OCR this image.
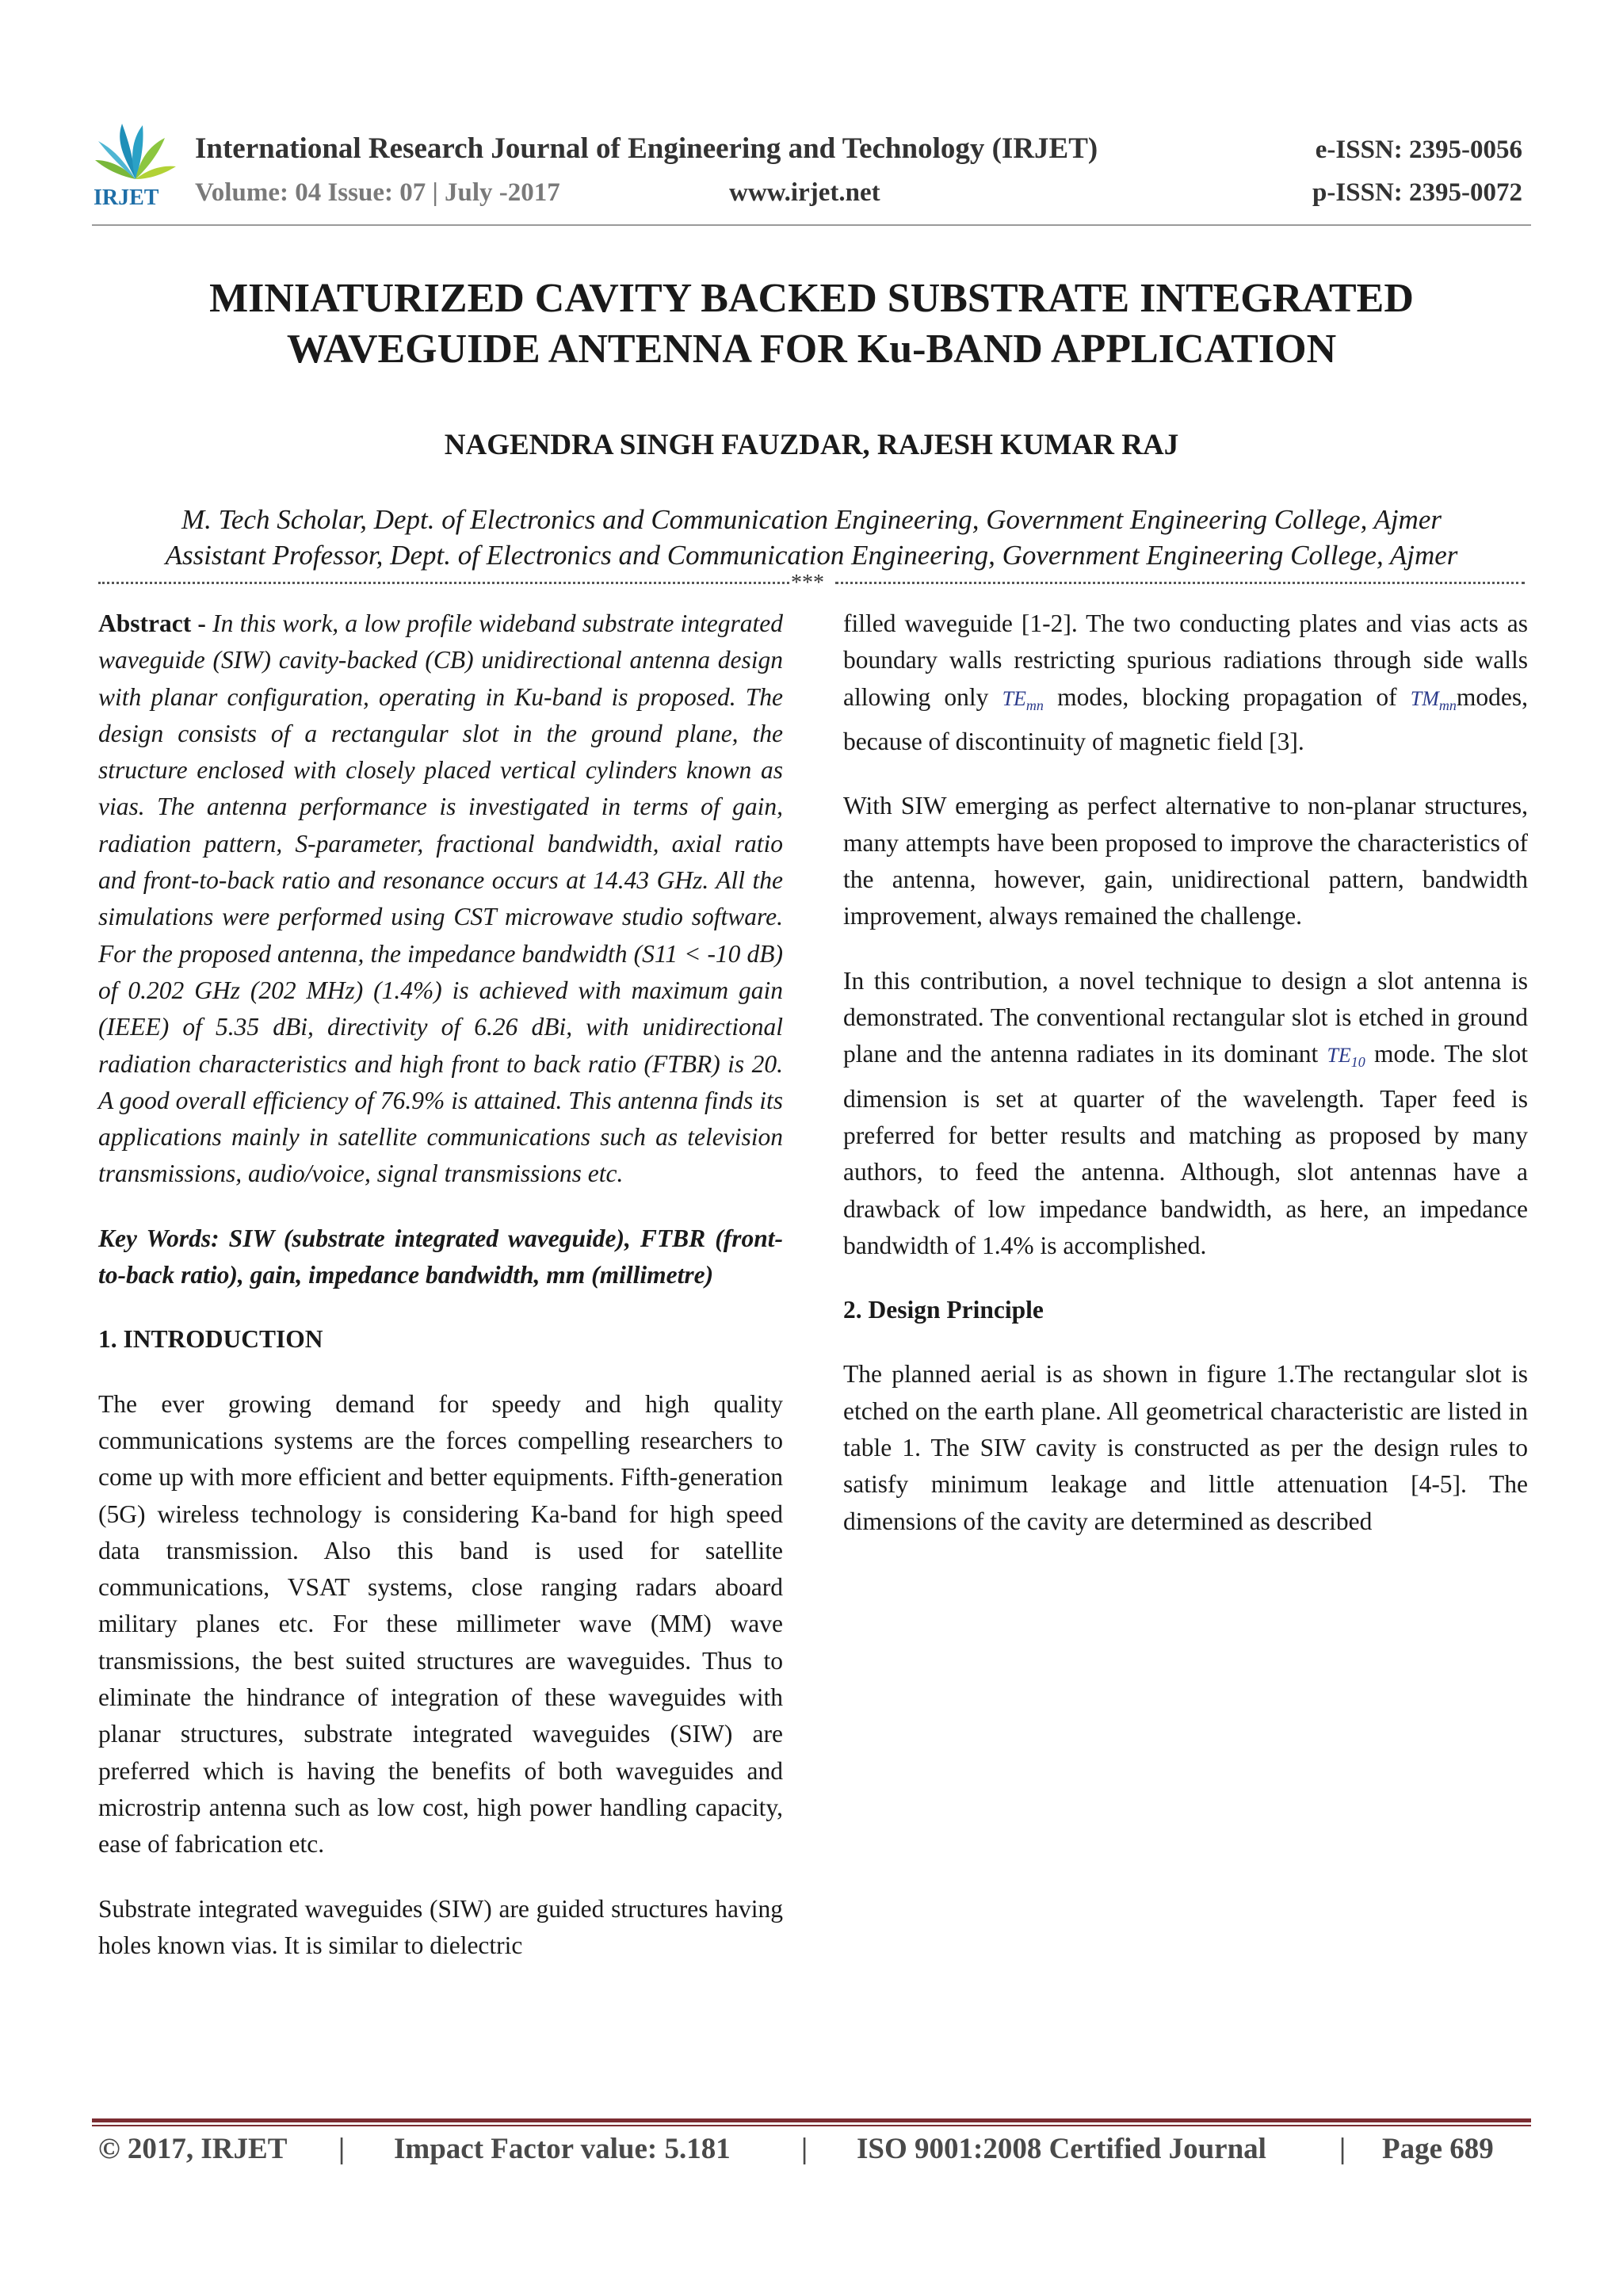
IRJET
International Research Journal of Engineering and Technology (IRJET)
Volume: 04 Issue: 07 | July -2017	www.irjet.net
e-ISSN: 2395-0056
p-ISSN: 2395-0072
MINIATURIZED CAVITY BACKED SUBSTRATE INTEGRATED
WAVEGUIDE ANTENNA FOR Ku-BAND APPLICATION
NAGENDRA SINGH FAUZDAR, RAJESH KUMAR RAJ
M. Tech Scholar, Dept. of Electronics and Communication Engineering, Government Engineering College, Ajmer
Assistant Professor, Dept. of Electronics and Communication Engineering, Government Engineering College, Ajmer
***

Abstract - In this work, a low profile wideband substrate integrated waveguide (SIW) cavity-backed (CB) unidirectional antenna design with planar configuration, operating in Ku-band is proposed. The design consists of a rectangular slot in the ground plane, the structure enclosed with closely placed vertical cylinders known as vias. The antenna performance is investigated in terms of gain, radiation pattern, S-parameter, fractional bandwidth, axial ratio and front-to-back ratio and resonance occurs at 14.43 GHz. All the simulations were performed using CST microwave studio software. For the proposed antenna, the impedance bandwidth (S11 < -10 dB) of 0.202 GHz (202 MHz) (1.4%) is achieved with maximum gain (IEEE) of 5.35 dBi, directivity of 6.26 dBi, with unidirectional radiation characteristics and high front to back ratio (FTBR) is 20. A good overall efficiency of 76.9% is attained. This antenna finds its applications mainly in satellite communications such as television transmissions, audio/voice, signal transmissions etc.

Key Words: SIW (substrate integrated waveguide), FTBR (front-to-back ratio), gain, impedance bandwidth, mm (millimetre)

1. INTRODUCTION

The ever growing demand for speedy and high quality communications systems are the forces compelling researchers to come up with more efficient and better equipments. Fifth-generation (5G) wireless technology is considering Ka-band for high speed data transmission. Also this band is used for satellite communications, VSAT systems, close ranging radars aboard military planes etc. For these millimeter wave (MM) wave transmissions, the best suited structures are waveguides. Thus to eliminate the hindrance of integration of these waveguides with planar structures, substrate integrated waveguides (SIW) are preferred which is having the benefits of both waveguides and microstrip antenna such as low cost, high power handling capacity, ease of fabrication etc.

Substrate integrated waveguides (SIW) are guided structures having holes known vias. It is similar to dielectric

filled waveguide [1-2]. The two conducting plates and vias acts as boundary walls restricting spurious radiations through side walls allowing only $TE_{mn}$ modes, blocking propagation of $TM_{mn}modes$, because of discontinuity of magnetic field [3].

With SIW emerging as perfect alternative to non-planar structures, many attempts have been proposed to improve the characteristics of the antenna, however, gain, unidirectional pattern, bandwidth improvement, always remained the challenge.

In this contribution, a novel technique to design a slot antenna is demonstrated. The conventional rectangular slot is etched in ground plane and the antenna radiates in its dominant $TE_{10}$ mode. The slot dimension is set at quarter of the wavelength. Taper feed is preferred for better results and matching as proposed by many authors, to feed the antenna. Although, slot antennas have a drawback of low impedance bandwidth, as here, an impedance bandwidth of 1.4% is accomplished.

2. Design Principle

The planned aerial is as shown in figure 1.The rectangular slot is etched on the earth plane. All geometrical characteristic are listed in table 1. The SIW cavity is constructed as per the design rules to satisfy minimum leakage and little attenuation [4-5]. The dimensions of the cavity are determined as described

© 2017, IRJET | Impact Factor value: 5.181 | ISO 9001:2008 Certified Journal | Page 689
